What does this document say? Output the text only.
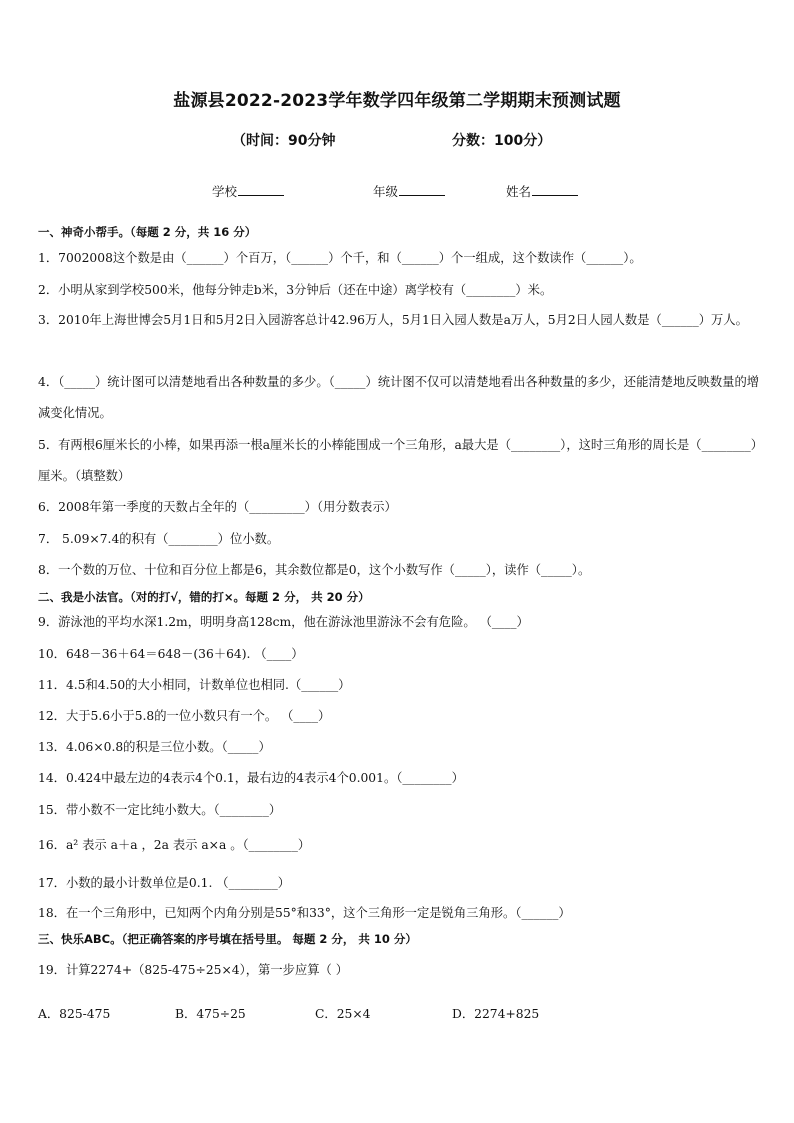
盐源县2022-2023学年数学四年级第二学期期末预测试题
（时间：90分钟	分数：100分）
学校	年级	姓名
一、神奇小帮手。（每题 2 分，共 16 分）
1．7002008这个数是由（______）个百万，（______）个千，和（______）个一组成，这个数读作（______）。
2．小明从家到学校500米，他每分钟走b米，3分钟后（还在中途）离学校有（________）米。
3．2010年上海世博会5月1日和5月2日入园游客总计42.96万人，5月1日入园人数是a万人，5月2日人园人数是（______）万人。
4．（_____）统计图可以清楚地看出各种数量的多少。（_____）统计图不仅可以清楚地看出各种数量的多少，还能清楚地反映数量的增减变化情况。
5．有两根6厘米长的小棒，如果再添一根a厘米长的小棒能围成一个三角形，a最大是（________），这时三角形的周长是（________）厘米。（填整数）
6．2008年第一季度的天数占全年的（_________）（用分数表示）
7． 5.09×7.4的积有（________）位小数。
8．一个数的万位、十位和百分位上都是6，其余数位都是0，这个小数写作（_____），读作（_____）。
二、我是小法官。（对的打√，错的打×。每题 2 分， 共 20 分）
9．游泳池的平均水深1.2m，明明身高128cm，他在游泳池里游泳不会有危险。 （____）
10．648－36＋64＝648－(36＋64). （____）
11．4.5和4.50的大小相同，计数单位也相同.（______）
12．大于5.6小于5.8的一位小数只有一个。 （____）
13．4.06×0.8的积是三位小数。（_____）
14．0.424中最左边的4表示4个0.1，最右边的4表示4个0.001。（________）
15．带小数不一定比纯小数大。（________）
16．a² 表示 a＋a ，2a 表示 a×a 。（________）
17．小数的最小计数单位是0.1. （________）
18．在一个三角形中，已知两个内角分别是55°和33°，这个三角形一定是锐角三角形。（______）
三、快乐ABC。（把正确答案的序号填在括号里。 每题 2 分， 共 10 分）
19．计算2274+（825-475÷25×4），第一步应算（ ）
A．825-475	B．475÷25	C．25×4	D．2274+825
